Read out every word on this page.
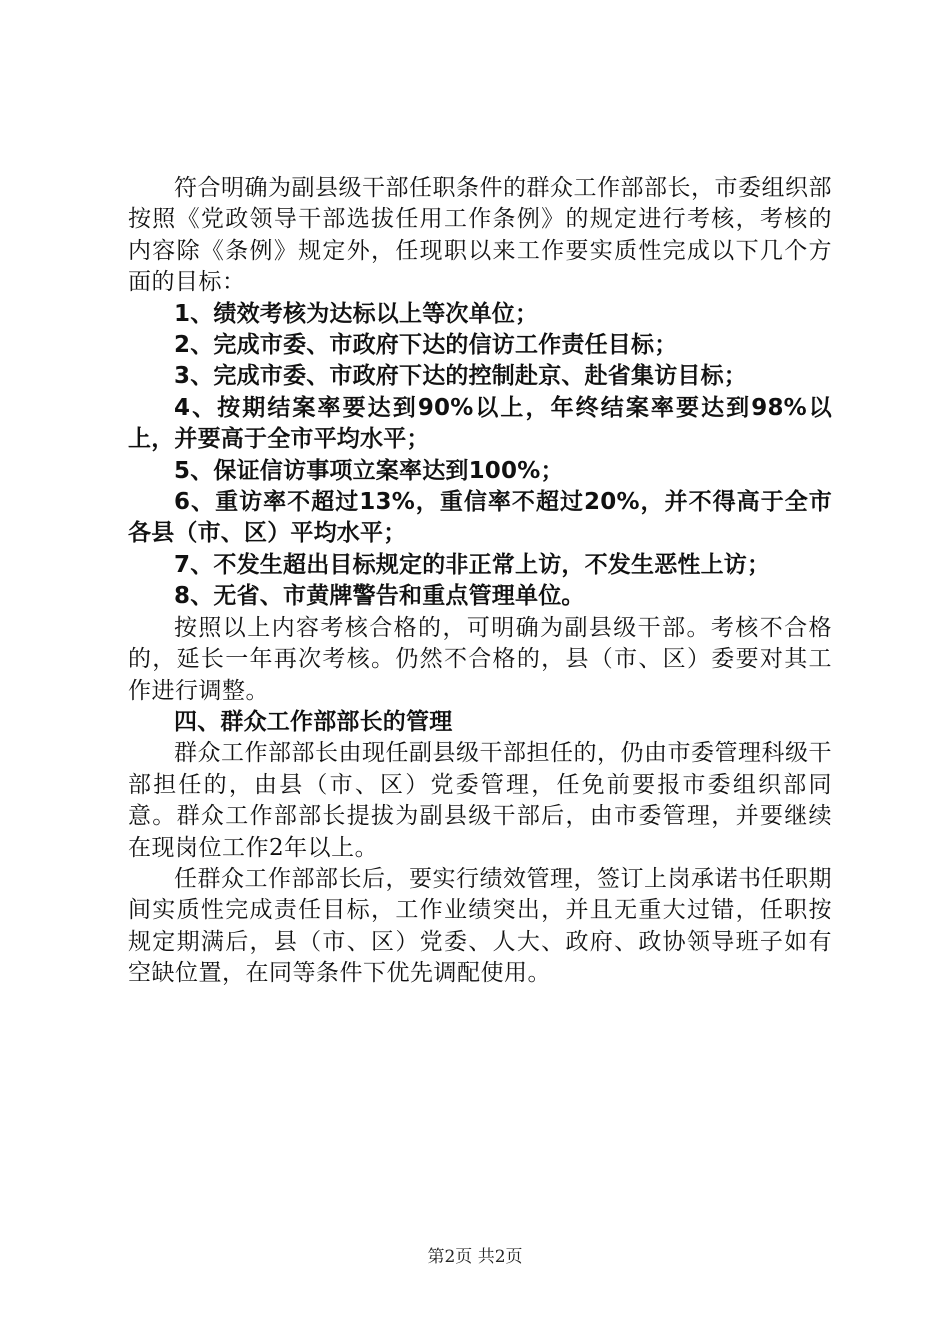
符合明确为副县级干部任职条件的群众工作部部长，市委组织部按照《党政领导干部选拔任用工作条例》的规定进行考核，考核的内容除《条例》规定外，任现职以来工作要实质性完成以下几个方面的目标：

1、绩效考核为达标以上等次单位；

2、完成市委、市政府下达的信访工作责任目标；

3、完成市委、市政府下达的控制赴京、赴省集访目标；

4、按期结案率要达到90%以上，年终结案率要达到98%以上，并要高于全市平均水平；

5、保证信访事项立案率达到100%；

6、重访率不超过13%，重信率不超过20%，并不得高于全市各县（市、区）平均水平；

7、不发生超出目标规定的非正常上访，不发生恶性上访；

8、无省、市黄牌警告和重点管理单位。

按照以上内容考核合格的，可明确为副县级干部。考核不合格的，延长一年再次考核。仍然不合格的，县（市、区）委要对其工作进行调整。

四、群众工作部部长的管理

群众工作部部长由现任副县级干部担任的，仍由市委管理科级干部担任的，由县（市、区）党委管理，任免前要报市委组织部同意。群众工作部部长提拔为副县级干部后，由市委管理，并要继续在现岗位工作2年以上。

任群众工作部部长后，要实行绩效管理，签订上岗承诺书任职期间实质性完成责任目标，工作业绩突出，并且无重大过错，任职按规定期满后，县（市、区）党委、人大、政府、政协领导班子如有空缺位置，在同等条件下优先调配使用。

第2页 共2页
